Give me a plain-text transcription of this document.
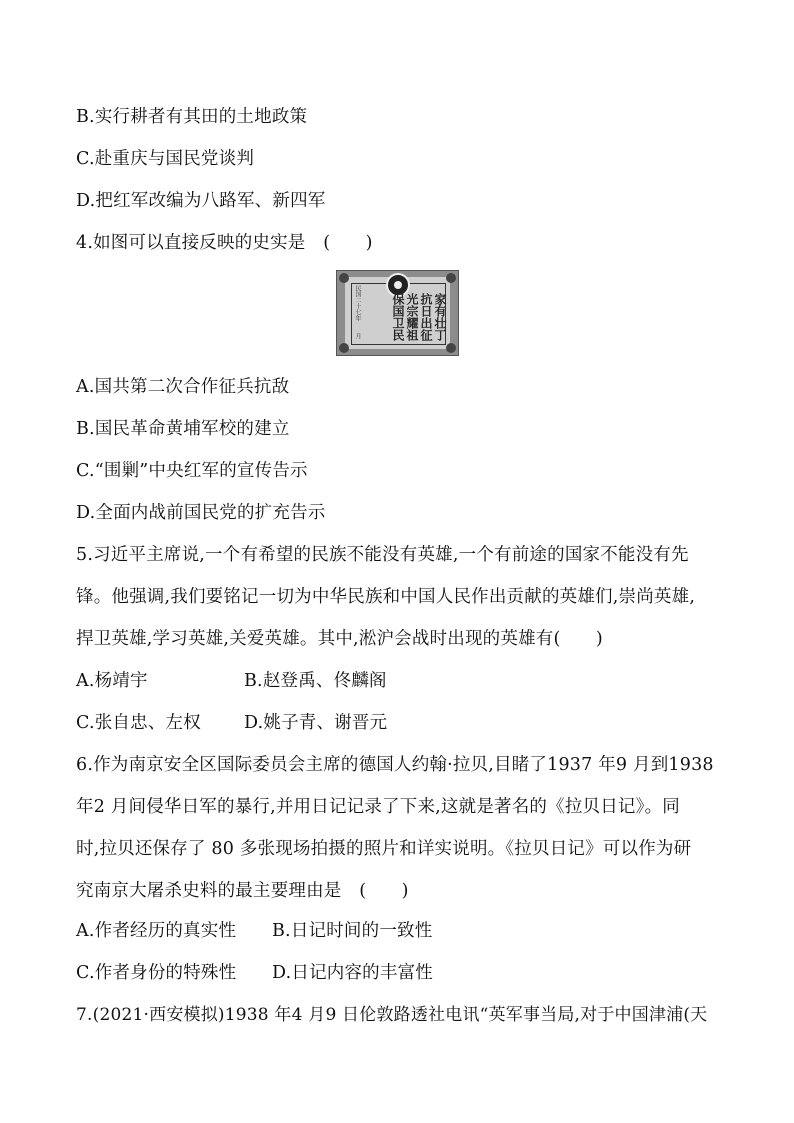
B.实行耕者有其田的土地政策
C.赴重庆与国民党谈判
D.把红军改编为八路军、新四军
4.如图可以直接反映的史实是　(　　)
民国二十七年
月	家有壮丁
抗日出征
光宗耀祖
保国卫民
A.国共第二次合作征兵抗敌
B.国民革命黄埔军校的建立
C.“围剿”中央红军的宣传告示
D.全面内战前国民党的扩充告示
5.习近平主席说,一个有希望的民族不能没有英雄,一个有前途的国家不能没有先
锋。他强调,我们要铭记一切为中华民族和中国人民作出贡献的英雄们,崇尚英雄,
捍卫英雄,学习英雄,关爱英雄。其中,淞沪会战时出现的英雄有(　　)
A.杨靖宇	B.赵登禹、佟麟阁
C.张自忠、左权 D.姚子青、谢晋元
6.作为南京安全区国际委员会主席的德国人约翰·拉贝,目睹了1937 年9 月到1938
年2 月间侵华日军的暴行,并用日记记录了下来,这就是著名的《拉贝日记》。同
时,拉贝还保存了 80 多张现场拍摄的照片和详实说明。《拉贝日记》可以作为研
究南京大屠杀史料的最主要理由是　(　　)
A.作者经历的真实性 B.日记时间的一致性
C.作者身份的特殊性 D.日记内容的丰富性
7.(2021·西安模拟)1938 年4 月9 日伦敦路透社电讯“英军事当局,对于中国津浦(天
